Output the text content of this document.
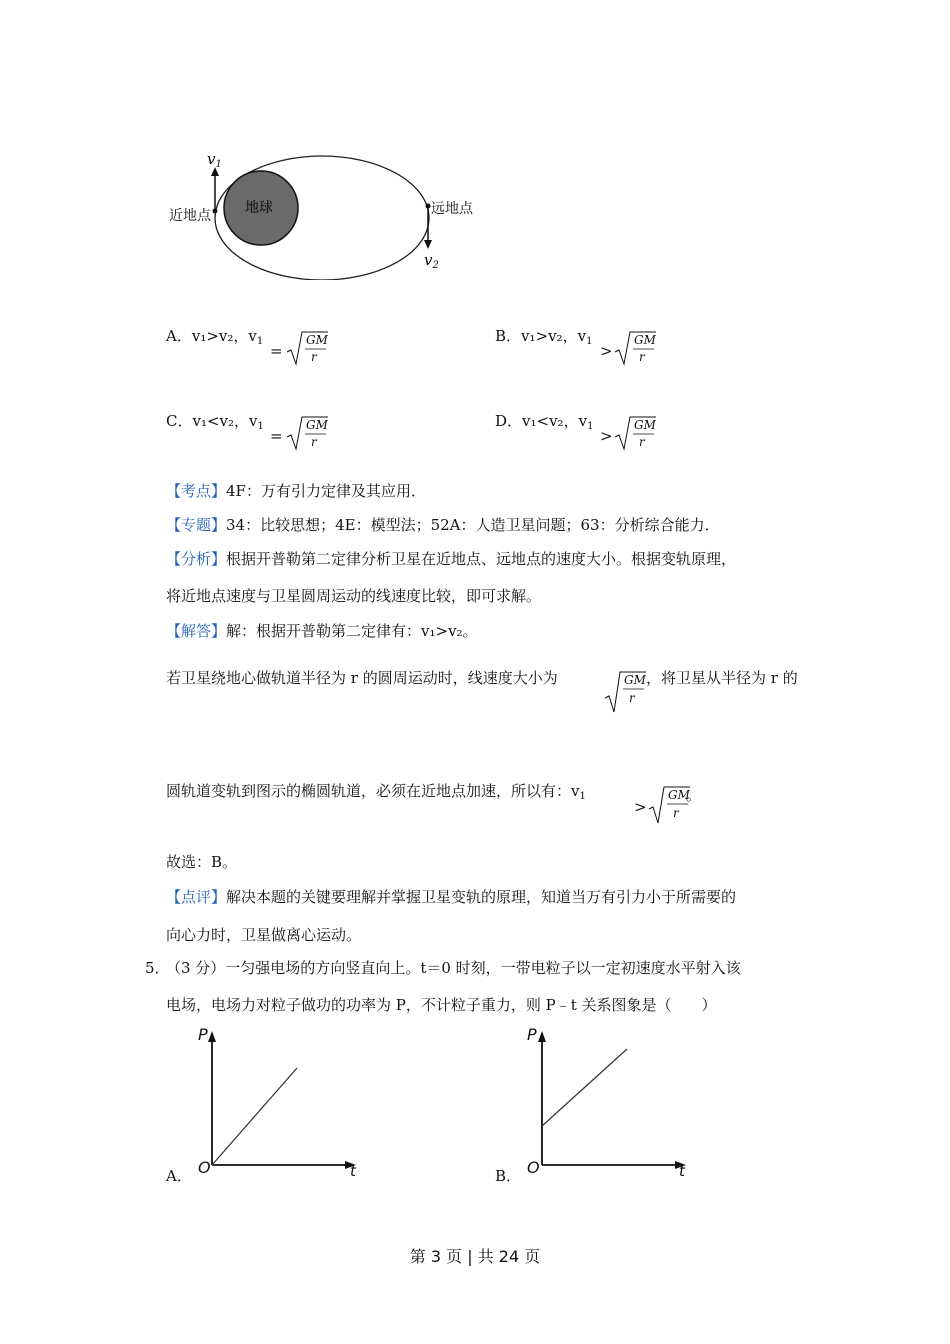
地球
近地点	远地点
$v_1$
$v_2$
A．v₁>v₂，$v_1$
=
B．v₁>v₂，$v_1$
>
C．v₁<v₂，$v_1$
=
D．v₁<v₂，$v_1$
>
GM
r
GM
r
GM
r
GM
r
【考点】4F：万有引力定律及其应用．
【专题】34：比较思想；4E：模型法；52A：人造卫星问题；63：分析综合能力．
【分析】根据开普勒第二定律分析卫星在近地点、远地点的速度大小。根据变轨原理，
将近地点速度与卫星圆周运动的线速度比较，即可求解。
【解答】解：根据开普勒第二定律有：v₁>v₂。
若卫星绕地心做轨道半径为 r 的圆周运动时，线速度大小为	GM
r
，将卫星从半径为 r 的
圆轨道变轨到图示的椭圆轨道，必须在近地点加速，所以有：$v_1$
>
GM
r
。
故选：B。
【点评】解决本题的关键要理解并掌握卫星变轨的原理，知道当万有引力小于所需要的
向心力时，卫星做离心运动。
5．
（3 分）一匀强电场的方向竖直向上。t＝0 时刻，一带电粒子以一定初速度水平射入该
电场，电场力对粒子做功的功率为 P，不计粒子重力，则 P﹣t 关系图象是（　　）
P
t
O
A．
P
t
O
B．
第 3 页 | 共 24 页
